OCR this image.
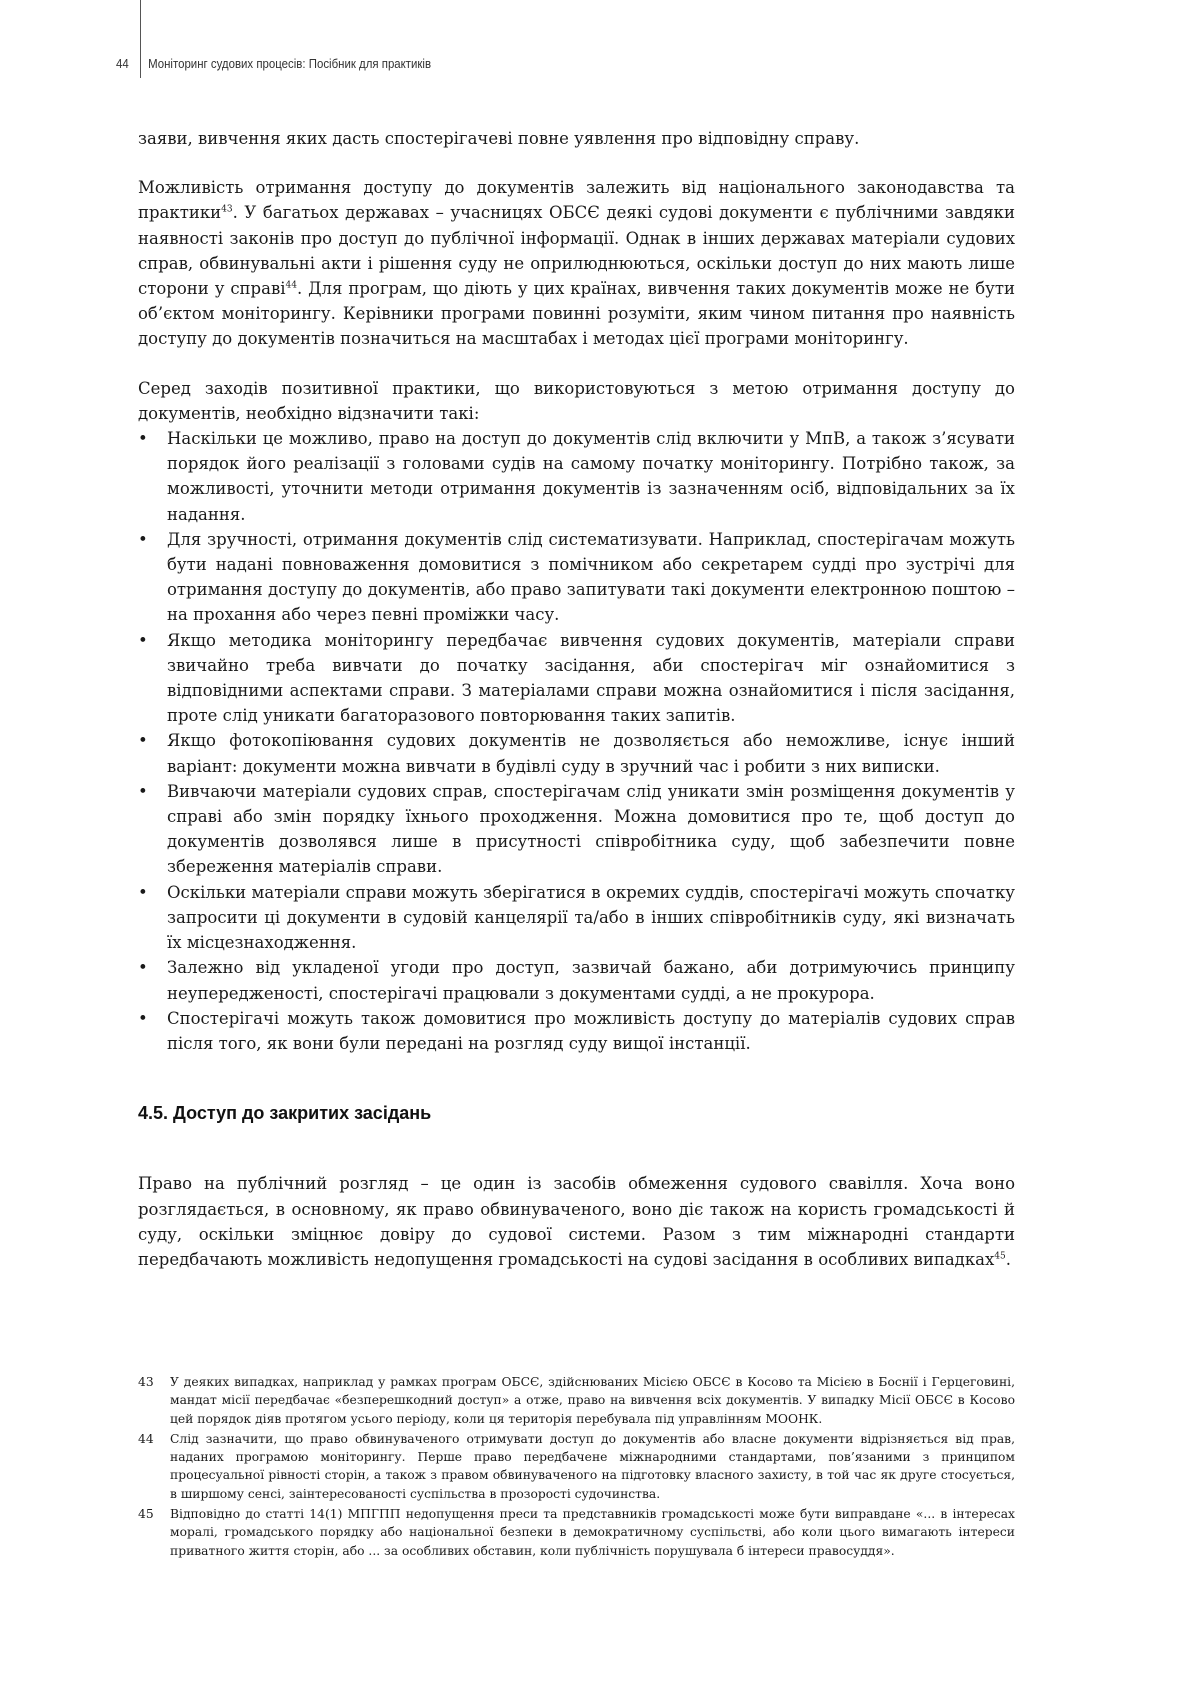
44 Моніторинг судових процесів: Посібник для практиків

заяви, вивчення яких дасть спостерігачеві повне уявлення про відповідну справу.

Можливість отримання доступу до документів залежить від національного законодавства та практики$^{43}$. У багатьох державах – учасницях ОБСЄ деякі судові документи є публічними завдяки наявності законів про доступ до публічної інформації. Однак в інших державах матеріали судових справ, обвинувальні акти і рішення суду не оприлюднюються, оскільки доступ до них мають лише сторони у справі$^{44}$. Для програм, що діють у цих країнах, вивчення таких документів може не бути об’єктом моніторингу. Керівники програми повинні розуміти, яким чином питання про наявність доступу до документів позначиться на масштабах і методах цієї програми моніторингу.

Серед заходів позитивної практики, що використовуються з метою отримання доступу до документів, необхідно відзначити такі:

• Наскільки це можливо, право на доступ до документів слід включити у МпВ, а також з’ясувати порядок його реалізації з головами судів на самому початку моніторингу. Потрібно також, за можливості, уточнити методи отримання документів із зазначенням осіб, відповідальних за їх надання.
• Для зручності, отримання документів слід систематизувати. Наприклад, спостерігачам можуть бути надані повноваження домовитися з помічником або секретарем судді про зустрічі для отримання доступу до документів, або право запитувати такі документи електронною поштою – на прохання або через певні проміжки часу.
• Якщо методика моніторингу передбачає вивчення судових документів, матеріали справи звичайно треба вивчати до початку засідання, аби спостерігач міг ознайомитися з відповідними аспектами справи. З матеріалами справи можна ознайомитися і після засідання, проте слід уникати багаторазового повторювання таких запитів.
• Якщо фотокопіювання судових документів не дозволяється або неможливе, існує інший варіант: документи можна вивчати в будівлі суду в зручний час і робити з них виписки.
• Вивчаючи матеріали судових справ, спостерігачам слід уникати змін розміщення документів у справі або змін порядку їхнього проходження. Можна домовитися про те, щоб доступ до документів дозволявся лише в присутності співробітника суду, щоб забезпечити повне збереження матеріалів справи.
• Оскільки матеріали справи можуть зберігатися в окремих суддів, спостерігачі можуть спочатку запросити ці документи в судовій канцелярії та/або в інших співробітників суду, які визначать їх місцезнаходження.
• Залежно від укладеної угоди про доступ, зазвичай бажано, аби дотримуючись принципу неупередженості, спостерігачі працювали з документами судді, а не прокурора.
• Спостерігачі можуть також домовитися про можливість доступу до матеріалів судових справ після того, як вони були передані на розгляд суду вищої інстанції.
4.5. Доступ до закритих засідань

Право на публічний розгляд – це один із засобів обмеження судового свавілля. Хоча воно розглядається, в основному, як право обвинуваченого, воно діє також на користь громадськості й суду, оскільки зміцнює довіру до судової системи. Разом з тим міжнародні стандарти передбачають можливість недопущення громадськості на судові засідання в особливих випадках$^{45}$.

43 У деяких випадках, наприклад у рамках програм ОБСЄ, здійснюваних Місією ОБСЄ в Косово та Місією в Боснії і Герцеговині, мандат місії передбачає «безперешкодний доступ» а отже, право на вивчення всіх документів. У випадку Місії ОБСЄ в Косово цей порядок діяв протягом усього періоду, коли ця територія перебувала під управлінням МООНК.
44 Слід зазначити, що право обвинуваченого отримувати доступ до документів або власне документи відрізняється від прав, наданих програмою моніторингу. Перше право передбачене міжнародними стандартами, пов’язаними з принципом процесуальної рівності сторін, а також з правом обвинуваченого на підготовку власного захисту, в той час як друге стосується, в ширшому сенсі, заінтересованості суспільства в прозорості судочинства.
45 Відповідно до статті 14(1) МПГПП недопущення преси та представників громадськості може бути виправдане «... в інтересах моралі, громадського порядку або національної безпеки в демократичному суспільстві, або коли цього вимагають інтереси приватного життя сторін, або ... за особливих обставин, коли публічність порушувала б інтереси правосуддя».
